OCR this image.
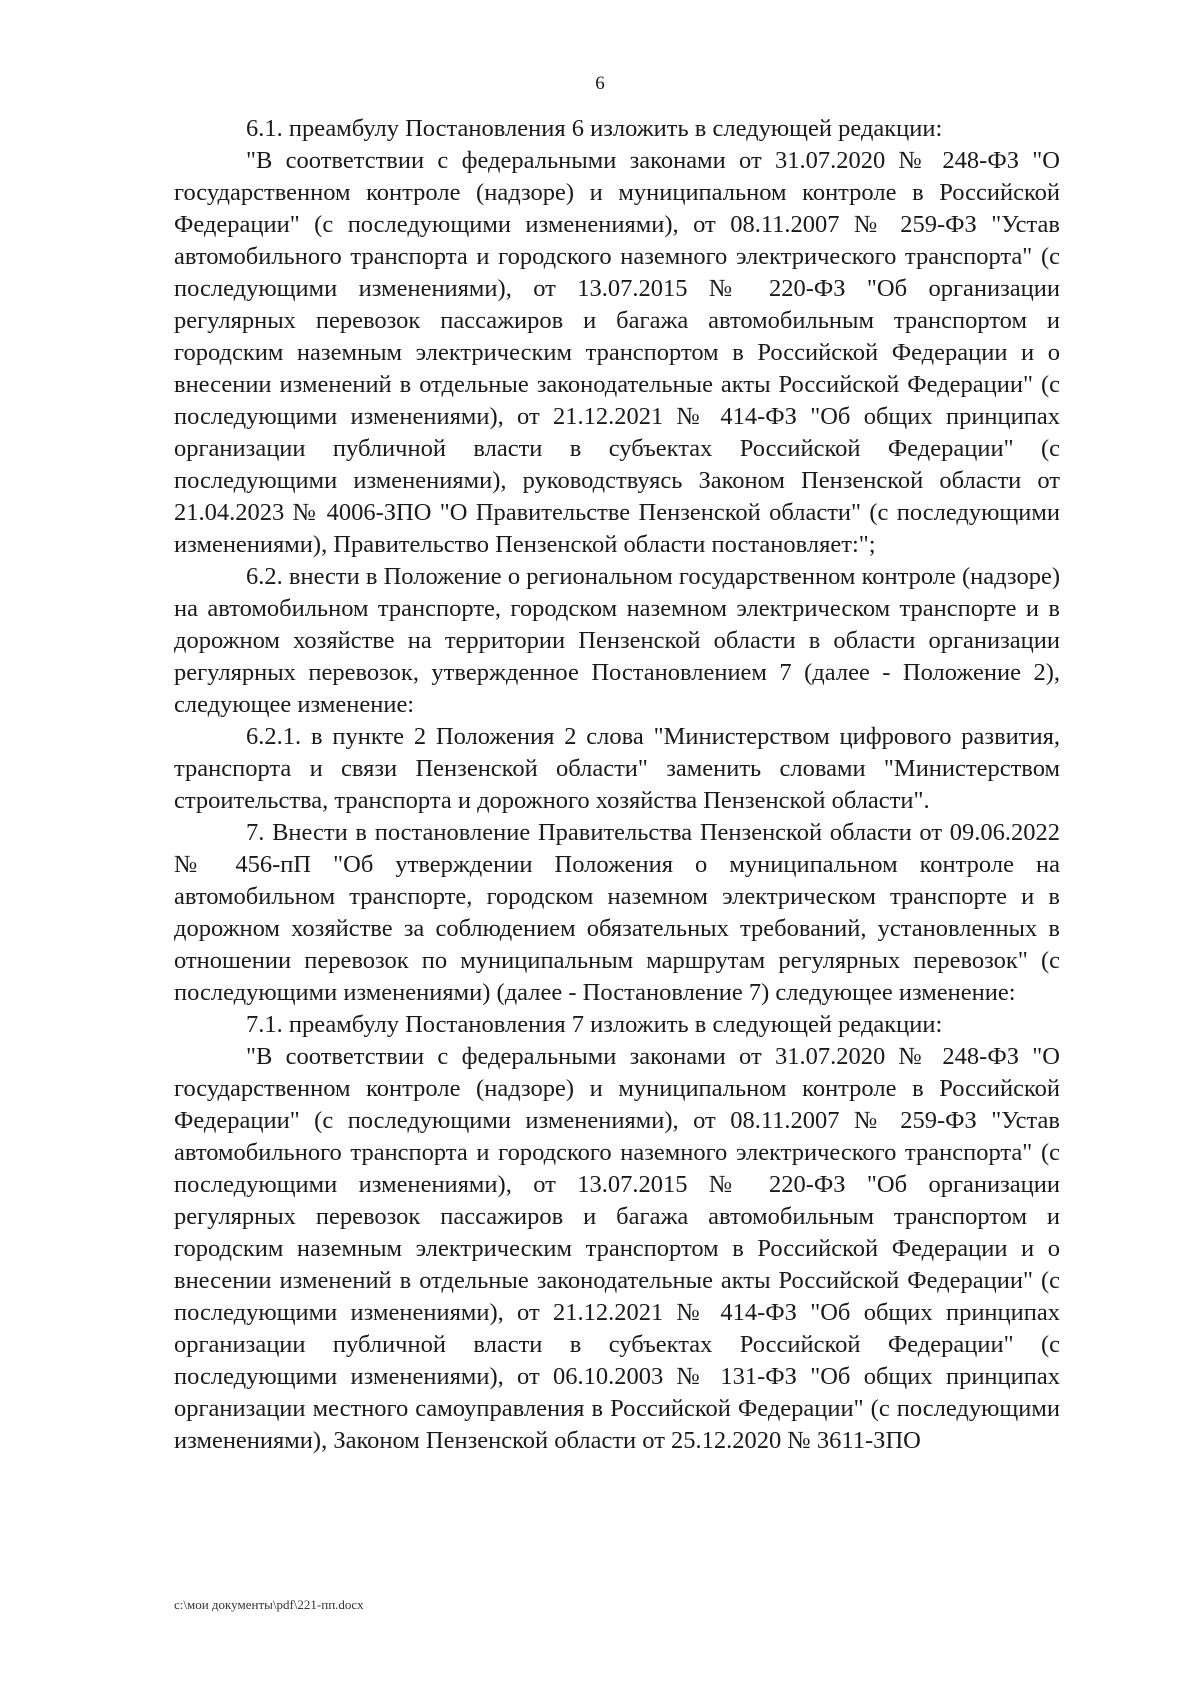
6

6.1. преамбулу Постановления 6 изложить в следующей редакции:

"В соответствии с федеральными законами от 31.07.2020 № 248-ФЗ "О государственном контроле (надзоре) и муниципальном контроле в Российской Федерации" (с последующими изменениями), от 08.11.2007 № 259-ФЗ "Устав автомобильного транспорта и городского наземного электрического транспорта" (с последующими изменениями), от 13.07.2015 № 220-ФЗ "Об организации регулярных перевозок пассажиров и багажа автомобильным транспортом и городским наземным электрическим транспортом в Российской Федерации и о внесении изменений в отдельные законодательные акты Российской Федерации" (с последующими изменениями), от 21.12.2021 № 414-ФЗ "Об общих принципах организации публичной власти в субъектах Российской Федерации" (с последующими изменениями), руководствуясь Законом Пензенской области от 21.04.2023 № 4006-ЗПО "О Правительстве Пензенской области" (с последующими изменениями), Правительство Пензенской области постановляет:";

6.2. внести в Положение о региональном государственном контроле (надзоре) на автомобильном транспорте, городском наземном электрическом транспорте и в дорожном хозяйстве на территории Пензенской области в области организации регулярных перевозок, утвержденное Постановлением 7 (далее - Положение 2), следующее изменение:

6.2.1. в пункте 2 Положения 2 слова "Министерством цифрового развития, транспорта и связи Пензенской области" заменить словами "Министерством строительства, транспорта и дорожного хозяйства Пензенской области".

7. Внести в постановление Правительства Пензенской области от 09.06.2022 № 456-пП "Об утверждении Положения о муниципальном контроле на автомобильном транспорте, городском наземном электрическом транспорте и в дорожном хозяйстве за соблюдением обязательных требований, установленных в отношении перевозок по муниципальным маршрутам регулярных перевозок" (с последующими изменениями) (далее - Постановление 7) следующее изменение:

7.1. преамбулу Постановления 7 изложить в следующей редакции:

"В соответствии с федеральными законами от 31.07.2020 № 248-ФЗ "О государственном контроле (надзоре) и муниципальном контроле в Российской Федерации" (с последующими изменениями), от 08.11.2007 № 259-ФЗ "Устав автомобильного транспорта и городского наземного электрического транспорта" (с последующими изменениями), от 13.07.2015 № 220-ФЗ "Об организации регулярных перевозок пассажиров и багажа автомобильным транспортом и городским наземным электрическим транспортом в Российской Федерации и о внесении изменений в отдельные законодательные акты Российской Федерации" (с последующими изменениями), от 21.12.2021 № 414-ФЗ "Об общих принципах организации публичной власти в субъектах Российской Федерации" (с последующими изменениями), от 06.10.2003 № 131-ФЗ "Об общих принципах организации местного самоуправления в Российской Федерации" (с последующими изменениями), Законом Пензенской области от 25.12.2020 № 3611-ЗПО

c:\мои документы\pdf\221-пп.docx
